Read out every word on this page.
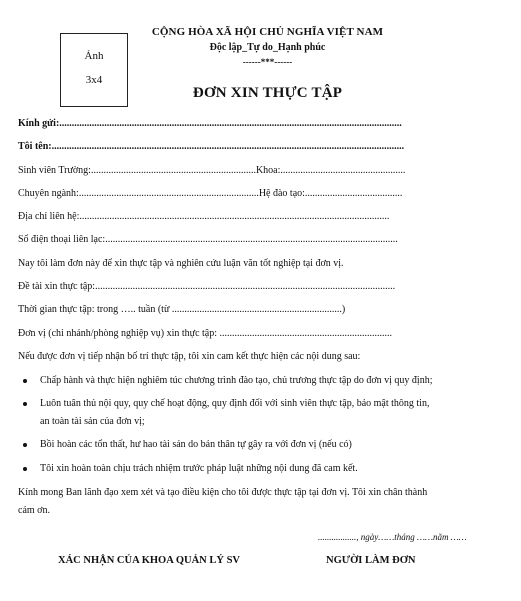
Ảnh
3x4
CỘNG HÒA XÃ HỘI CHỦ NGHĨA VIỆT NAM
Độc lập_Tự do_Hạnh phúc
------***------
ĐƠN XIN THỰC TẬP
Kính gửi:.........................................................................................................................................
Tôi tên:.............................................................................................................................................
Sinh viên Trường:..................................................................Khoa:..................................................
Chuyên ngành:........................................................................Hệ đào tạo:.......................................
Địa chỉ liên hệ:............................................................................................................................
Số điện thoại liên lạc:.....................................................................................................................
Nay tôi làm đơn này để xin thực tập và nghiên cứu luận văn tốt nghiệp tại đơn vị.
Đề tài xin thực tập:........................................................................................................................
Thời gian thực tập: trong ….. tuần (từ ....................................................................)
Đơn vị (chi nhánh/phòng nghiệp vụ) xin thực tập: .....................................................................
Nếu được đơn vị tiếp nhận bố trí thực tập, tôi xin cam kết thực hiện các nội dung sau:
Chấp hành và thực hiện nghiêm túc chương trình đào tạo, chủ trương thực tập do đơn vị quy định;
Luôn tuân thủ nội quy, quy chế hoạt động, quy định đối với sinh viên thực tập, bảo mật thông tin,
an toàn tài sản của đơn vị;
Bồi hoàn các tổn thất, hư hao tài sản do bản thân tự gây ra với đơn vị (nếu có)
Tôi xin hoàn toàn chịu trách nhiệm trước pháp luật những nội dung đã cam kết.
Kính mong Ban lãnh đạo xem xét và tạo điều kiện cho tôi được thực tập tại đơn vị. Tôi xin chân thành
cám ơn.
................., ngày……tháng ……năm ……
XÁC NHẬN CỦA KHOA QUẢN LÝ SV	NGƯỜI LÀM ĐƠN
